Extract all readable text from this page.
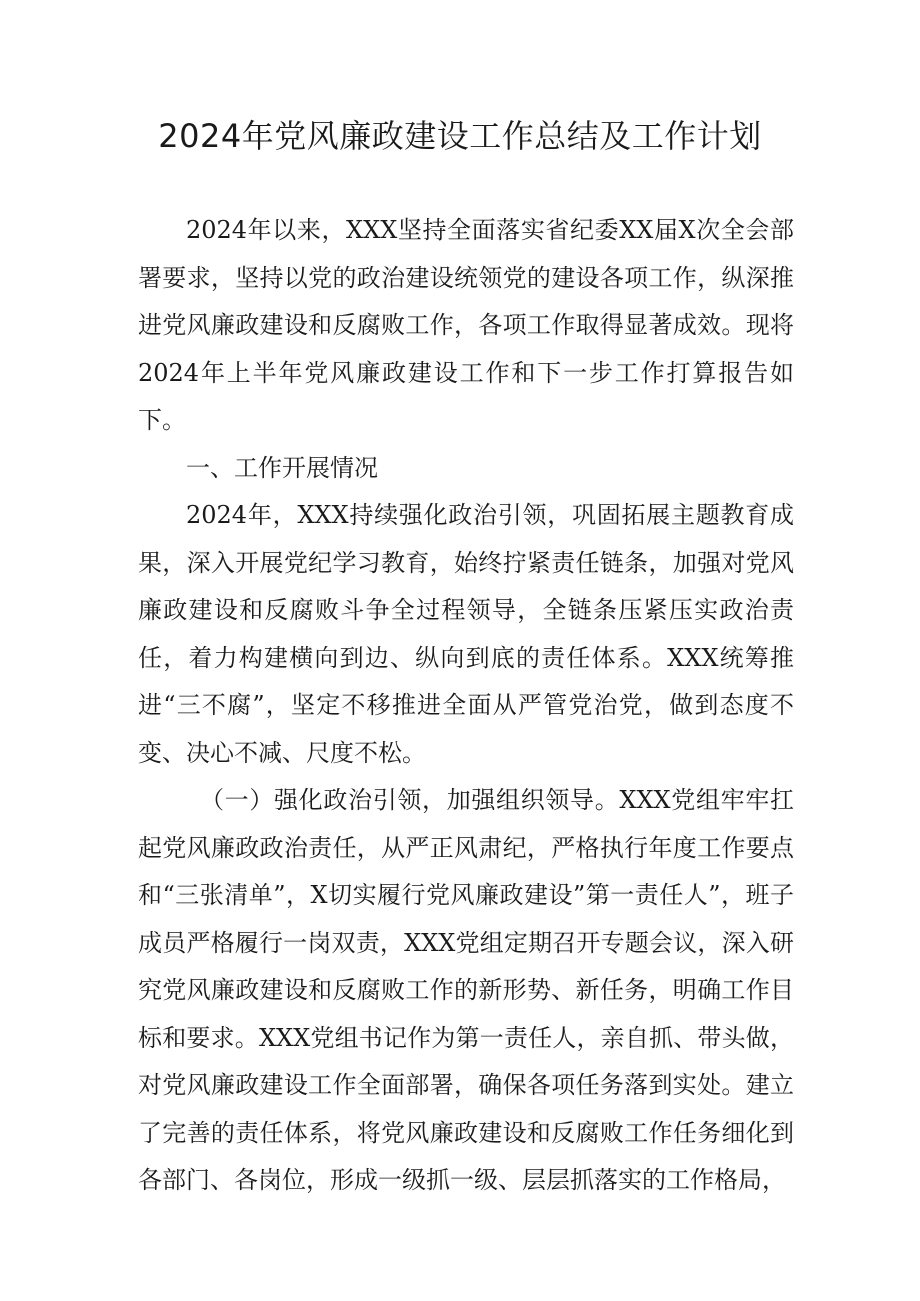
2024年党风廉政建设工作总结及工作计划

2024年以来，XXX坚持全面落实省纪委XX届X次全会部署要求，坚持以党的政治建设统领党的建设各项工作，纵深推进党风廉政建设和反腐败工作，各项工作取得显著成效。现将2024年上半年党风廉政建设工作和下一步工作打算报告如下。

一、工作开展情况

2024年，XXX持续强化政治引领，巩固拓展主题教育成果，深入开展党纪学习教育，始终拧紧责任链条，加强对党风廉政建设和反腐败斗争全过程领导，全链条压紧压实政治责任，着力构建横向到边、纵向到底的责任体系。XXX统筹推进“三不腐”，坚定不移推进全面从严管党治党，做到态度不变、决心不减、尺度不松。

（一）强化政治引领，加强组织领导。XXX党组牢牢扛起党风廉政政治责任，从严正风肃纪，严格执行年度工作要点和“三张清单”，X切实履行党风廉政建设”第一责任人”，班子成员严格履行一岗双责，XXX党组定期召开专题会议，深入研究党风廉政建设和反腐败工作的新形势、新任务，明确工作目标和要求。XXX党组书记作为第一责任人，亲自抓、带头做，对党风廉政建设工作全面部署，确保各项任务落到实处。建立了完善的责任体系，将党风廉政建设和反腐败工作任务细化到各部门、各岗位，形成一级抓一级、层层抓落实的工作格局，
